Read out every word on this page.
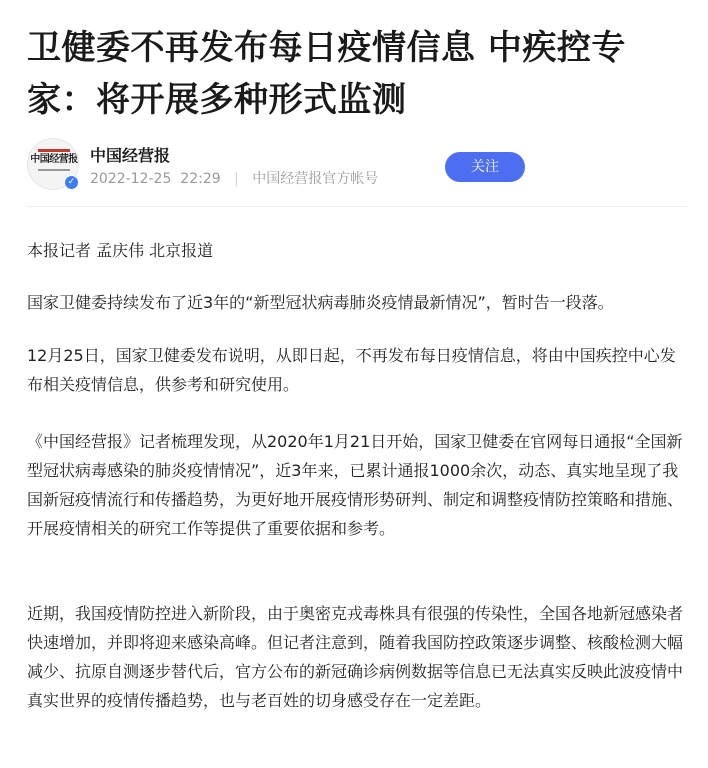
卫健委不再发布每日疫情信息 中疾控专家：将开展多种形式监测
中国经营报
✓
中国经营报
2022-12-25 22:29 | 中国经营报官方帐号
关注

本报记者 孟庆伟 北京报道

国家卫健委持续发布了近3年的“新型冠状病毒肺炎疫情最新情况”，暂时告一段落。

12月25日，国家卫健委发布说明，从即日起，不再发布每日疫情信息，将由中国疾控中心发布相关疫情信息，供参考和研究使用。

《中国经营报》记者梳理发现，从2020年1月21日开始，国家卫健委在官网每日通报“全国新型冠状病毒感染的肺炎疫情情况”，近3年来，已累计通报1000余次，动态、真实地呈现了我国新冠疫情流行和传播趋势，为更好地开展疫情形势研判、制定和调整疫情防控策略和措施、开展疫情相关的研究工作等提供了重要依据和参考。

近期，我国疫情防控进入新阶段，由于奥密克戎毒株具有很强的传染性，全国各地新冠感染者快速增加，并即将迎来感染高峰。但记者注意到，随着我国防控政策逐步调整、核酸检测大幅减少、抗原自测逐步替代后，官方公布的新冠确诊病例数据等信息已无法真实反映此波疫情中真实世界的疫情传播趋势，也与老百姓的切身感受存在一定差距。
